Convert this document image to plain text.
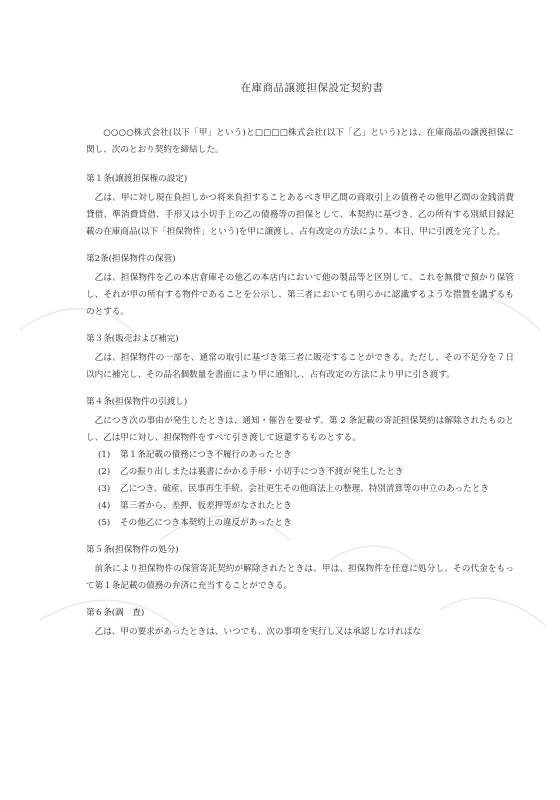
在庫商品譲渡担保設定契約書

○○○○株式会社(以下「甲」という)と□□□□株式会社(以下「乙」という)とは、在庫商品の譲渡担保に関し、次のとおり契約を締結した。

第１条(譲渡担保権の設定)

乙は、甲に対し現在負担しかつ将来負担することあるべき甲乙間の商取引上の債務その他甲乙間の金銭消費貸借、準消費貸借、手形又は小切手上の乙の債務等の担保として、本契約に基づき、乙の所有する別紙目録記載の在庫商品(以下「担保物件」という)を甲に譲渡し、占有改定の方法により、本日、甲に引渡を完了した。

第2条(担保物件の保管)

乙は、担保物件を乙の本店倉庫その他乙の本店内において他の製品等と区別して、これを無償で預かり保管し、それが甲の所有する物件であることを公示し、第三者においても明らかに認識するような措置を講ずるものとする。

第３条(販売および補完)

乙は、担保物件の一部を、通常の取引に基づき第三者に販売することができる。ただし、その不足分を７日以内に補完し、その品名個数量を書面により甲に通知し、占有改定の方法により甲に引き渡す。

第４条(担保物件の引渡し)

乙につき次の事由が発生したときは、通知・催告を要せず、第 2 条記載の寄託担保契約は解除されたものとし、乙は甲に対し、担保物件をすべて引き渡して返還するものとする。

(1)	第１条記載の債務につき不履行のあったとき
(2)	乙の振り出しまたは裏書にかかる手形・小切手につき不渡が発生したとき
(3)	乙につき、破産、民事再生手続、会社更生その他商法上の整理、特別清算等の申立のあったとき
(4)	第三者から、差押、仮差押等がなされたとき
(5)	その他乙につき本契約上の違反があったとき
第５条(担保物件の処分)

前条により担保物件の保管寄託契約が解除されたときは、甲は、担保物件を任意に処分し、その代金をもって第１条記載の債務の弁済に充当することができる。

第６条(調　査)

乙は、甲の要求があったときは、いつでも、次の事項を実行し又は承認しなければな
